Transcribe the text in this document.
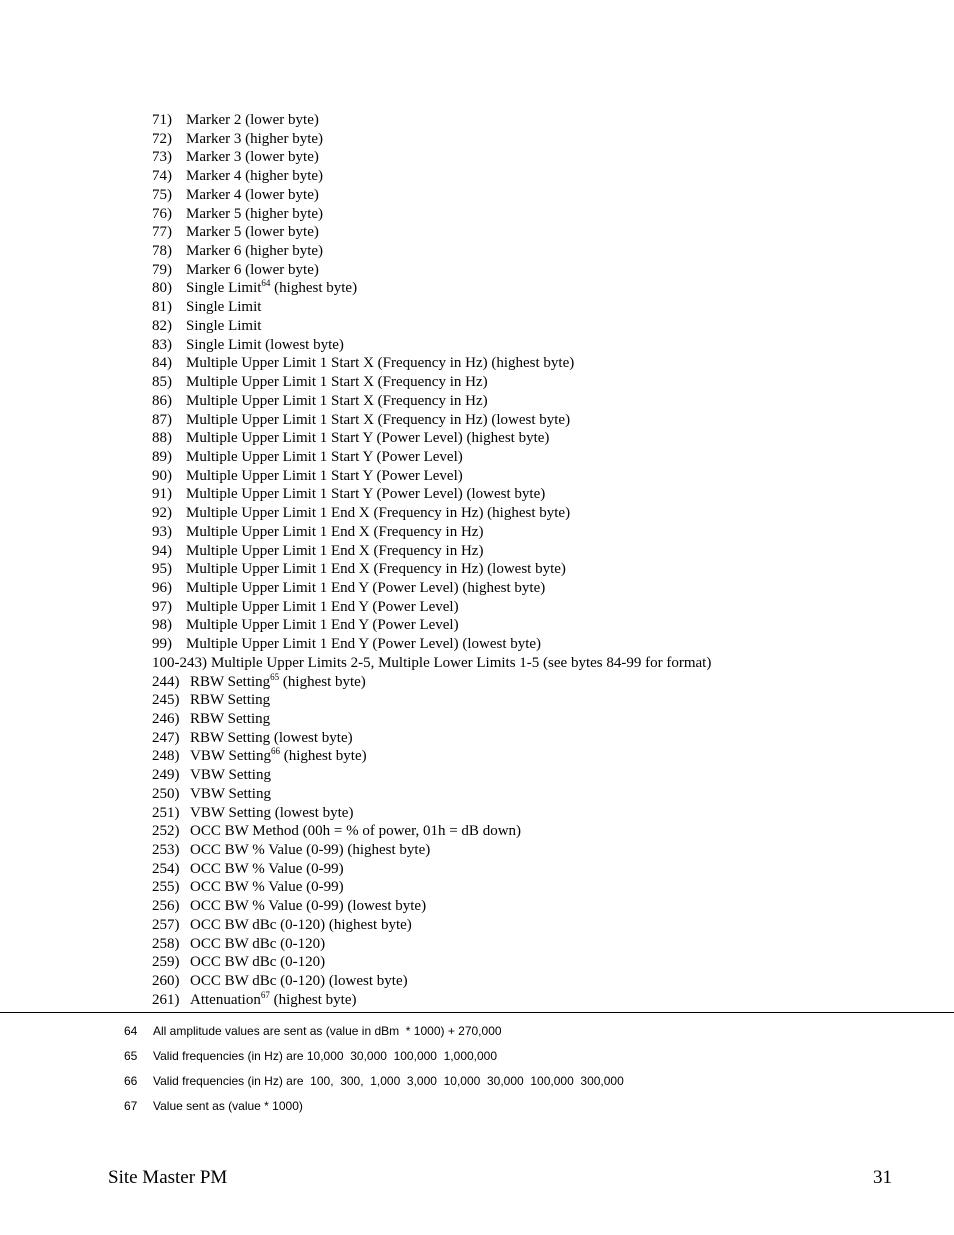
71) Marker 2 (lower byte)
72) Marker 3 (higher byte)
73) Marker 3 (lower byte)
74) Marker 4 (higher byte)
75) Marker 4 (lower byte)
76) Marker 5 (higher byte)
77) Marker 5 (lower byte)
78) Marker 6 (higher byte)
79) Marker 6 (lower byte)
80) Single Limit$^{64}$ (highest byte)
81) Single Limit
82) Single Limit
83) Single Limit (lowest byte)
84) Multiple Upper Limit 1 Start X (Frequency in Hz) (highest byte)
85) Multiple Upper Limit 1 Start X (Frequency in Hz)
86) Multiple Upper Limit 1 Start X (Frequency in Hz)
87) Multiple Upper Limit 1 Start X (Frequency in Hz) (lowest byte)
88) Multiple Upper Limit 1 Start Y (Power Level) (highest byte)
89) Multiple Upper Limit 1 Start Y (Power Level)
90) Multiple Upper Limit 1 Start Y (Power Level)
91) Multiple Upper Limit 1 Start Y (Power Level) (lowest byte)
92) Multiple Upper Limit 1 End X (Frequency in Hz) (highest byte)
93) Multiple Upper Limit 1 End X (Frequency in Hz)
94) Multiple Upper Limit 1 End X (Frequency in Hz)
95) Multiple Upper Limit 1 End X (Frequency in Hz) (lowest byte)
96) Multiple Upper Limit 1 End Y (Power Level) (highest byte)
97) Multiple Upper Limit 1 End Y (Power Level)
98) Multiple Upper Limit 1 End Y (Power Level)
99) Multiple Upper Limit 1 End Y (Power Level) (lowest byte)
100-243) Multiple Upper Limits 2-5, Multiple Lower Limits 1-5 (see bytes 84-99 for format)
244) RBW Setting$^{65}$ (highest byte)
245) RBW Setting
246) RBW Setting
247) RBW Setting (lowest byte)
248) VBW Setting$^{66}$ (highest byte)
249) VBW Setting
250) VBW Setting
251) VBW Setting (lowest byte)
252) OCC BW Method (00h = % of power, 01h = dB down)
253) OCC BW % Value (0-99) (highest byte)
254) OCC BW % Value (0-99)
255) OCC BW % Value (0-99)
256) OCC BW % Value (0-99) (lowest byte)
257) OCC BW dBc (0-120) (highest byte)
258) OCC BW dBc (0-120)
259) OCC BW dBc (0-120)
260) OCC BW dBc (0-120) (lowest byte)
261) Attenuation$^{67}$ (highest byte)
64 All amplitude values are sent as (value in dBm  * 1000) + 270,000
65 Valid frequencies (in Hz) are 10,000  30,000  100,000  1,000,000
66 Valid frequencies (in Hz) are  100,  300,  1,000  3,000  10,000  30,000  100,000  300,000
67 Value sent as (value * 1000)
Site Master PM	31
